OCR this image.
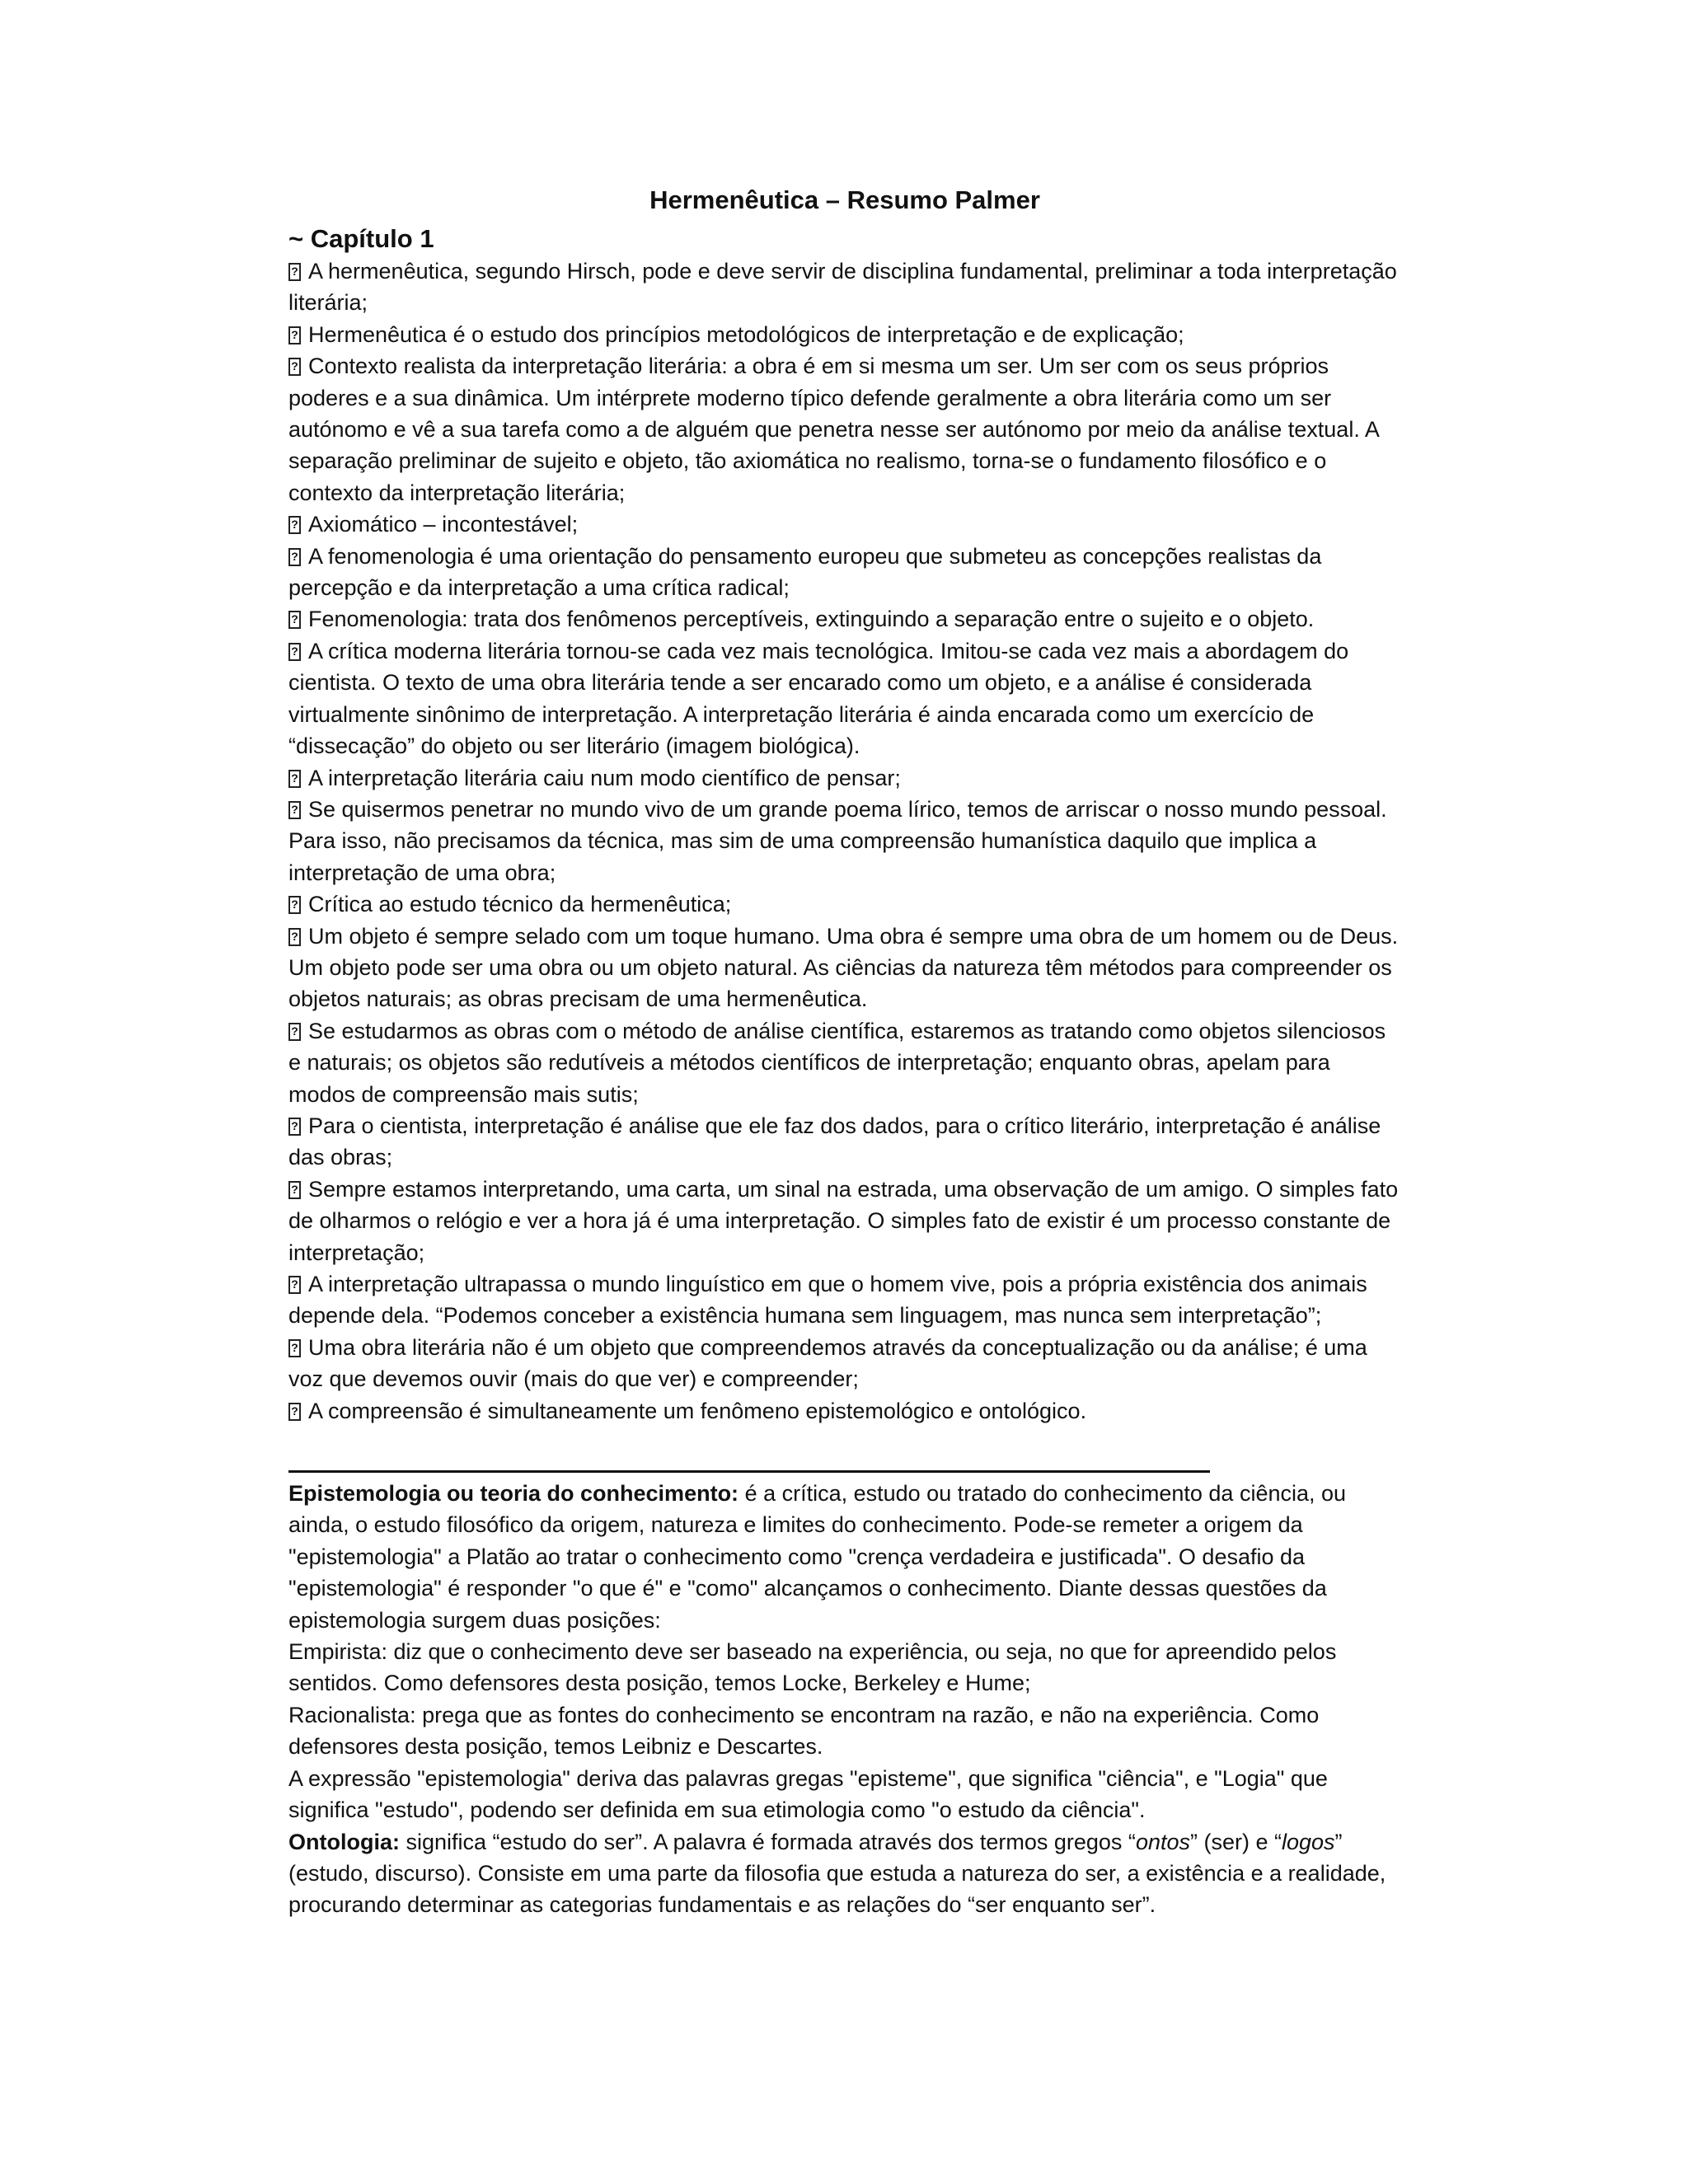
Hermenêutica – Resumo Palmer
~ Capítulo 1

?A hermenêutica, segundo Hirsch, pode e deve servir de disciplina fundamental, preliminar a toda interpretação literária;

?Hermenêutica é o estudo dos princípios metodológicos de interpretação e de explicação;

?Contexto realista da interpretação literária: a obra é em si mesma um ser. Um ser com os seus próprios poderes e a sua dinâmica. Um intérprete moderno típico defende geralmente a obra literária como um ser autónomo e vê a sua tarefa como a de alguém que penetra nesse ser autónomo por meio da análise textual. A separação preliminar de sujeito e objeto, tão axiomática no realismo, torna-se o fundamento filosófico e o contexto da interpretação literária;

?Axiomático – incontestável;

?A fenomenologia é uma orientação do pensamento europeu que submeteu as concepções realistas da percepção e da interpretação a uma crítica radical;

?Fenomenologia: trata dos fenômenos perceptíveis, extinguindo a separação entre o sujeito e o objeto.

?A crítica moderna literária tornou-se cada vez mais tecnológica. Imitou-se cada vez mais a abordagem do cientista. O texto de uma obra literária tende a ser encarado como um objeto, e a análise é considerada virtualmente sinônimo de interpretação. A interpretação literária é ainda encarada como um exercício de “dissecação” do objeto ou ser literário (imagem biológica).

?A interpretação literária caiu num modo científico de pensar;

?Se quisermos penetrar no mundo vivo de um grande poema lírico, temos de arriscar o nosso mundo pessoal. Para isso, não precisamos da técnica, mas sim de uma compreensão humanística daquilo que implica a interpretação de uma obra;

?Crítica ao estudo técnico da hermenêutica;

?Um objeto é sempre selado com um toque humano. Uma obra é sempre uma obra de um homem ou de Deus. Um objeto pode ser uma obra ou um objeto natural. As ciências da natureza têm métodos para compreender os objetos naturais; as obras precisam de uma hermenêutica.

?Se estudarmos as obras com o método de análise científica, estaremos as tratando como objetos silenciosos e naturais; os objetos são redutíveis a métodos científicos de interpretação; enquanto obras, apelam para modos de compreensão mais sutis;

?Para o cientista, interpretação é análise que ele faz dos dados, para o crítico literário, interpretação é análise das obras;

?Sempre estamos interpretando, uma carta, um sinal na estrada, uma observação de um amigo. O simples fato de olharmos o relógio e ver a hora já é uma interpretação. O simples fato de existir é um processo constante de interpretação;

?A interpretação ultrapassa o mundo linguístico em que o homem vive, pois a própria existência dos animais depende dela. “Podemos conceber a existência humana sem linguagem, mas nunca sem interpretação”;

?Uma obra literária não é um objeto que compreendemos através da conceptualização ou da análise; é uma voz que devemos ouvir (mais do que ver) e compreender;

?A compreensão é simultaneamente um fenômeno epistemológico e ontológico.

Epistemologia ou teoria do conhecimento: é a crítica, estudo ou tratado do conhecimento da ciência, ou ainda, o estudo filosófico da origem, natureza e limites do conhecimento. Pode-se remeter a origem da "epistemologia" a Platão ao tratar o conhecimento como "crença verdadeira e justificada". O desafio da "epistemologia" é responder "o que é" e "como" alcançamos o conhecimento. Diante dessas questões da epistemologia surgem duas posições:

Empirista: diz que o conhecimento deve ser baseado na experiência, ou seja, no que for apreendido pelos sentidos. Como defensores desta posição, temos Locke, Berkeley e Hume;

Racionalista: prega que as fontes do conhecimento se encontram na razão, e não na experiência. Como defensores desta posição, temos Leibniz e Descartes.

A expressão "epistemologia" deriva das palavras gregas "episteme", que significa "ciência", e "Logia" que significa "estudo", podendo ser definida em sua etimologia como "o estudo da ciência".

Ontologia: significa “estudo do ser”. A palavra é formada através dos termos gregos “ontos” (ser) e “logos” (estudo, discurso). Consiste em uma parte da filosofia que estuda a natureza do ser, a existência e a realidade, procurando determinar as categorias fundamentais e as relações do “ser enquanto ser”.
